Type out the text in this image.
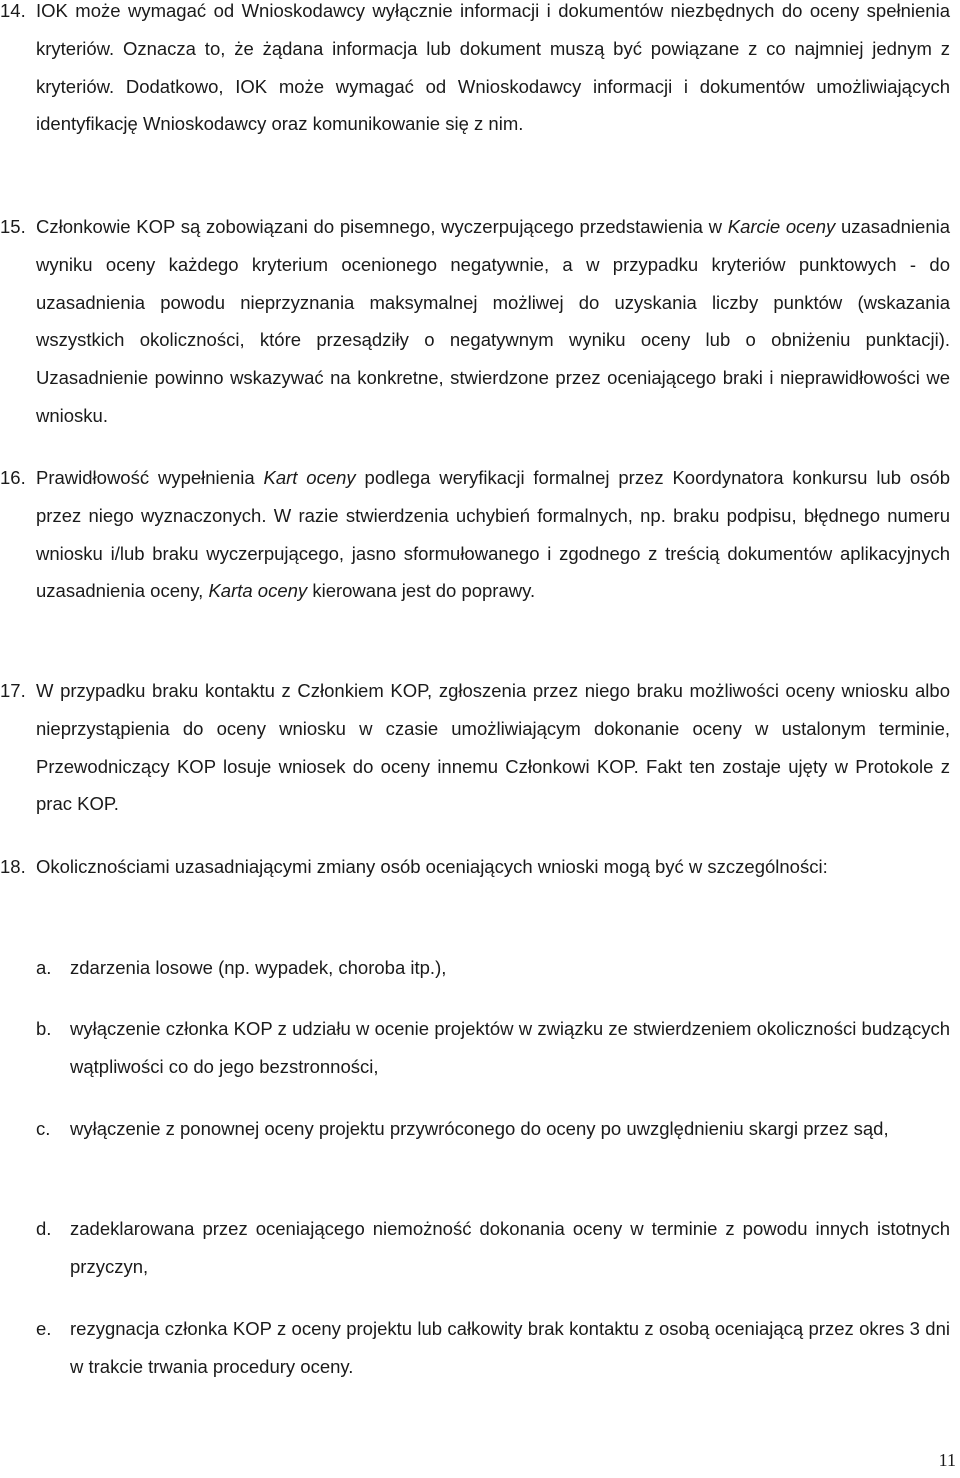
14. IOK może wymagać od Wnioskodawcy wyłącznie informacji i dokumentów niezbędnych do oceny spełnienia kryteriów. Oznacza to, że żądana informacja lub dokument muszą być powiązane z co najmniej jednym z kryteriów. Dodatkowo, IOK może wymagać od Wnioskodawcy informacji i dokumentów umożliwiających identyfikację Wnioskodawcy oraz komunikowanie się z nim.
15. Członkowie KOP są zobowiązani do pisemnego, wyczerpującego przedstawienia w Karcie oceny uzasadnienia wyniku oceny każdego kryterium ocenionego negatywnie, a w przypadku kryteriów punktowych - do uzasadnienia powodu nieprzyznania maksymalnej możliwej do uzyskania liczby punktów (wskazania wszystkich okoliczności, które przesądziły o negatywnym wyniku oceny lub o obniżeniu punktacji). Uzasadnienie powinno wskazywać na konkretne, stwierdzone przez oceniającego braki i nieprawidłowości we wniosku.
16. Prawidłowość wypełnienia Kart oceny podlega weryfikacji formalnej przez Koordynatora konkursu lub osób przez niego wyznaczonych. W razie stwierdzenia uchybień formalnych, np. braku podpisu, błędnego numeru wniosku i/lub braku wyczerpującego, jasno sformułowanego i zgodnego z treścią dokumentów aplikacyjnych uzasadnienia oceny, Karta oceny kierowana jest do poprawy.
17. W przypadku braku kontaktu z Członkiem KOP, zgłoszenia przez niego braku możliwości oceny wniosku albo nieprzystąpienia do oceny wniosku w czasie umożliwiającym dokonanie oceny w ustalonym terminie, Przewodniczący KOP losuje wniosek do oceny innemu Członkowi KOP. Fakt ten zostaje ujęty w Protokole z prac KOP.
18. Okolicznościami uzasadniającymi zmiany osób oceniających wnioski mogą być w szczególności:
a. zdarzenia losowe (np. wypadek, choroba itp.),
b. wyłączenie członka KOP z udziału w ocenie projektów w związku ze stwierdzeniem okoliczności budzących wątpliwości co do jego bezstronności,
c. wyłączenie z ponownej oceny projektu przywróconego do oceny po uwzględnieniu skargi przez sąd,
d. zadeklarowana przez oceniającego niemożność dokonania oceny w terminie z powodu innych istotnych przyczyn,
e. rezygnacja członka KOP z oceny projektu lub całkowity brak kontaktu z osobą oceniającą przez okres 3 dni w trakcie trwania procedury oceny.
11
